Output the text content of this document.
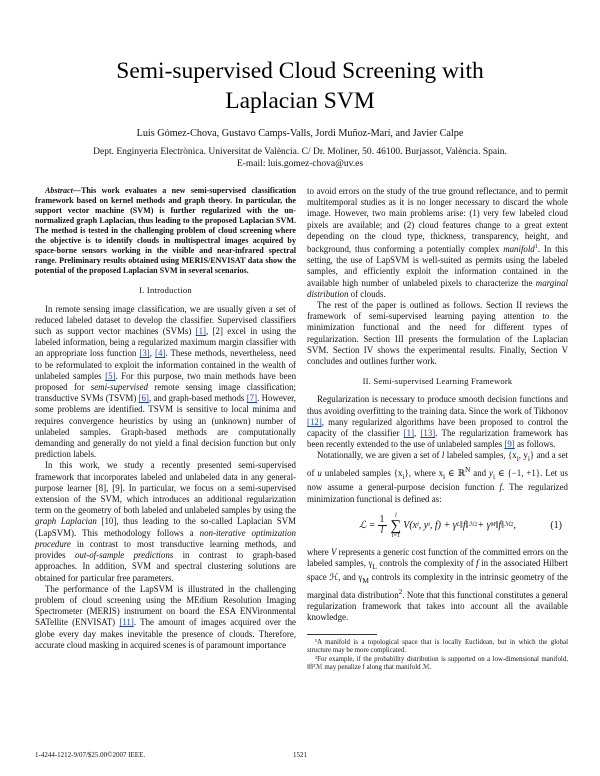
Semi-supervised Cloud Screening with
Laplacian SVM
Luis Gómez-Chova, Gustavo Camps-Valls, Jordi Muñoz-Marí, and Javier Calpe
Dept. Enginyeria Electrònica. Universitat de València. C/ Dr. Moliner, 50. 46100. Burjassot, València. Spain.
E-mail: luis.gomez-chova@uv.es

Abstract—This work evaluates a new semi-supervised classification framework based on kernel methods and graph theory. In particular, the support vector machine (SVM) is further regularized with the un-normalized graph Laplacian, thus leading to the proposed Laplacian SVM. The method is tested in the challenging problem of cloud screening where the objective is to identify clouds in multispectral images acquired by space-borne sensors working in the visible and near-infrared spectral range. Preliminary results obtained using MERIS/ENVISAT data show the potential of the proposed Laplacian SVM in several scenarios.

I. Introduction

In remote sensing image classification, we are usually given a set of reduced labeled dataset to develop the classifier. Supervised classifiers such as support vector machines (SVMs) [1], [2] excel in using the labeled information, being a regularized maximum margin classifier with an appropriate loss function [3], [4]. These methods, nevertheless, need to be reformulated to exploit the information contained in the wealth of unlabeled samples [5]. For this purpose, two main methods have been proposed for semi-supervised remote sensing image classification; transductive SVMs (TSVM) [6], and graph-based methods [7]. However, some problems are identified. TSVM is sensitive to local minima and requires convergence heuristics by using an (unknown) number of unlabeled samples. Graph-based methods are computationally demanding and generally do not yield a final decision function but only prediction labels.

In this work, we study a recently presented semi-supervised framework that incorporates labeled and unlabeled data in any general-purpose learner [8], [9]. In particular, we focus on a semi-supervised extension of the SVM, which introduces an additional regularization term on the geometry of both labeled and unlabeled samples by using the graph Laplacian [10], thus leading to the so-called Laplacian SVM (LapSVM). This methodology follows a non-iterative optimization procedure in contrast to most transductive learning methods, and provides out-of-sample predictions in contrast to graph-based approaches. In addition, SVM and spectral clustering solutions are obtained for particular free parameters.

The performance of the LapSVM is illustrated in the challenging problem of cloud screening using the MEdium Resolution Imaging Spectrometer (MERIS) instrument on board the ESA ENVironmental SATellite (ENVISAT) [11]. The amount of images acquired over the globe every day makes inevitable the presence of clouds. Therefore, accurate cloud masking in acquired scenes is of paramount importance

to avoid errors on the study of the true ground reflectance, and to permit multitemporal studies as it is no longer necessary to discard the whole image. However, two main problems arise: (1) very few labeled cloud pixels are available; and (2) cloud features change to a great extent depending on the cloud type, thickness, transparency, height, and background, thus conforming a potentially complex manifold$^1$. In this setting, the use of LapSVM is well-suited as permits using the labeled samples, and efficiently exploit the information contained in the available high number of unlabeled pixels to characterize the marginal distribution of clouds.

The rest of the paper is outlined as follows. Section II reviews the framework of semi-supervised learning paying attention to the minimization functional and the need for different types of regularization. Section III presents the formulation of the Laplacian SVM. Section IV shows the experimental results. Finally, Section V concludes and outlines further work.

II. Semi-supervised Learning Framework

Regularization is necessary to produce smooth decision functions and thus avoiding overfitting to the training data. Since the work of Tikhonov [12], many regularized algorithms have been proposed to control the capacity of the classifier [1], [13]. The regularization framework has been recently extended to the use of unlabeled samples [9] as follows.

Notationally, we are given a set of l labeled samples, {$x_i$, $y_i$} and a set of u unlabeled samples $\{x_i\}$, where $x_i$ ∈ ℝ$^N$ and $y_i$ ∈ {−1, +1}. Let us now assume a general-purpose decision function f. The regularized minimization functional is defined as:

ℒ = $\frac{1}{l}$ l
∑
i=1
V(x i , y i , f) + γ L ‖f‖ ℋ 2 + γ M ‖f‖ ℳ 2 ,	(1)

where V represents a generic cost function of the committed errors on the labeled samples, $\gamma_L$ controls the complexity of f in the associated Hilbert space ℋ, and $\gamma_M$ controls its complexity in the intrinsic geometry of the marginal data distribution$^2$. Note that this functional constitutes a general regularization framework that takes into account all the available knowledge.

¹A manifold is a topological space that is locally Euclidean, but in which the global structure may be more complicated.

²For example, if the probability distribution is supported on a low-dimensional manifold, ‖f‖²ℳ may penalize f along that manifold ℳ.

1-4244-1212-9/07/$25.00©2007 IEEE.	1521
